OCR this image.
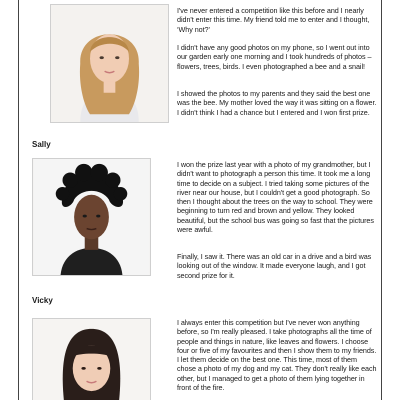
I've never entered a competition like this before and I nearly didn't enter this time. My friend told me to enter and I thought, ‘Why not?'

I didn't have any good photos on my phone, so I went out into our garden early one morning and I took hundreds of photos – flowers, trees, birds. I even photographed a bee and a snail!

I showed the photos to my parents and they said the best one was the bee. My mother loved the way it was sitting on a flower. I didn't think I had a chance but I entered and I won first prize.

Sally

I won the prize last year with a photo of my grandmother, but I didn't want to photograph a person this time. It took me a long time to decide on a subject. I tried taking some pictures of the river near our house, but I couldn't get a good photograph. So then I thought about the trees on the way to school. They were beginning to turn red and brown and yellow. They looked beautiful, but the school bus was going so fast that the pictures were awful.

Finally, I saw it. There was an old car in a drive and a bird was looking out of the window. It made everyone laugh, and I got second prize for it.

Vicky

I always enter this competition but I've never won anything before, so I'm really pleased. I take photographs all the time of people and things in nature, like leaves and flowers. I choose four or five of my favourites and then I show them to my friends. I let them decide on the best one. This time, most of them chose a photo of my dog and my cat. They don't really like each other, but I managed to get a photo of them lying together in front of the fire.
